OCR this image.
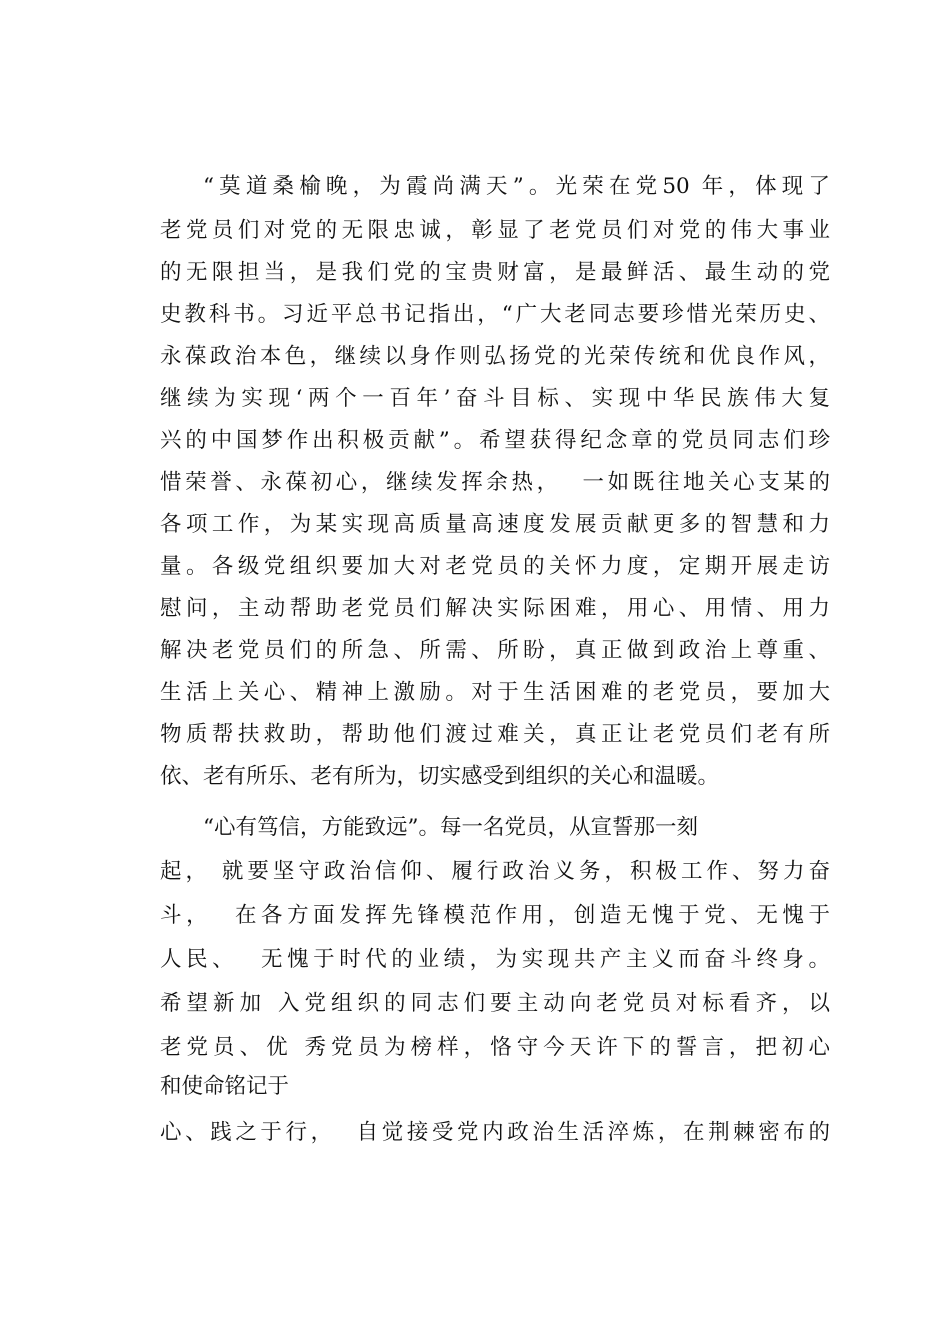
“莫道桑榆晚，为霞尚满天”。光荣在党50 年，体现了
老党员们对党的无限忠诚，彰显了老党员们对党的伟大事业
的无限担当，是我们党的宝贵财富，是最鲜活、最生动的党
史教科书。习近平总书记指出，“广大老同志要珍惜光荣历史、
永葆政治本色，继续以身作则弘扬党的光荣传统和优良作风，
继续为实现‘两个一百年’奋斗目标、实现中华民族伟大复
兴的中国梦作出积极贡献”。希望获得纪念章的党员同志们珍
惜荣誉、永葆初心，继续发挥余热，  一如既往地关心支某的
各项工作，为某实现高质量高速度发展贡献更多的智慧和力
量。各级党组织要加大对老党员的关怀力度，定期开展走访
慰问，主动帮助老党员们解决实际困难，用心、用情、用力
解决老党员们的所急、所需、所盼，真正做到政治上尊重、
生活上关心、精神上激励。对于生活困难的老党员，要加大
物质帮扶救助，帮助他们渡过难关，真正让老党员们老有所
依、老有所乐、老有所为，切实感受到组织的关心和温暖。
“心有笃信，方能致远”。每一名党员，从宣誓那一刻
起， 就要坚守政治信仰、履行政治义务，积极工作、努力奋
斗，  在各方面发挥先锋模范作用，创造无愧于党、无愧于
人民、  无愧于时代的业绩，为实现共产主义而奋斗终身。
希望新加 入党组织的同志们要主动向老党员对标看齐，以
老党员、优 秀党员为榜样，恪守今天许下的誓言，把初心
和使命铭记于
心、践之于行，  自觉接受党内政治生活淬炼，在荆棘密布的
